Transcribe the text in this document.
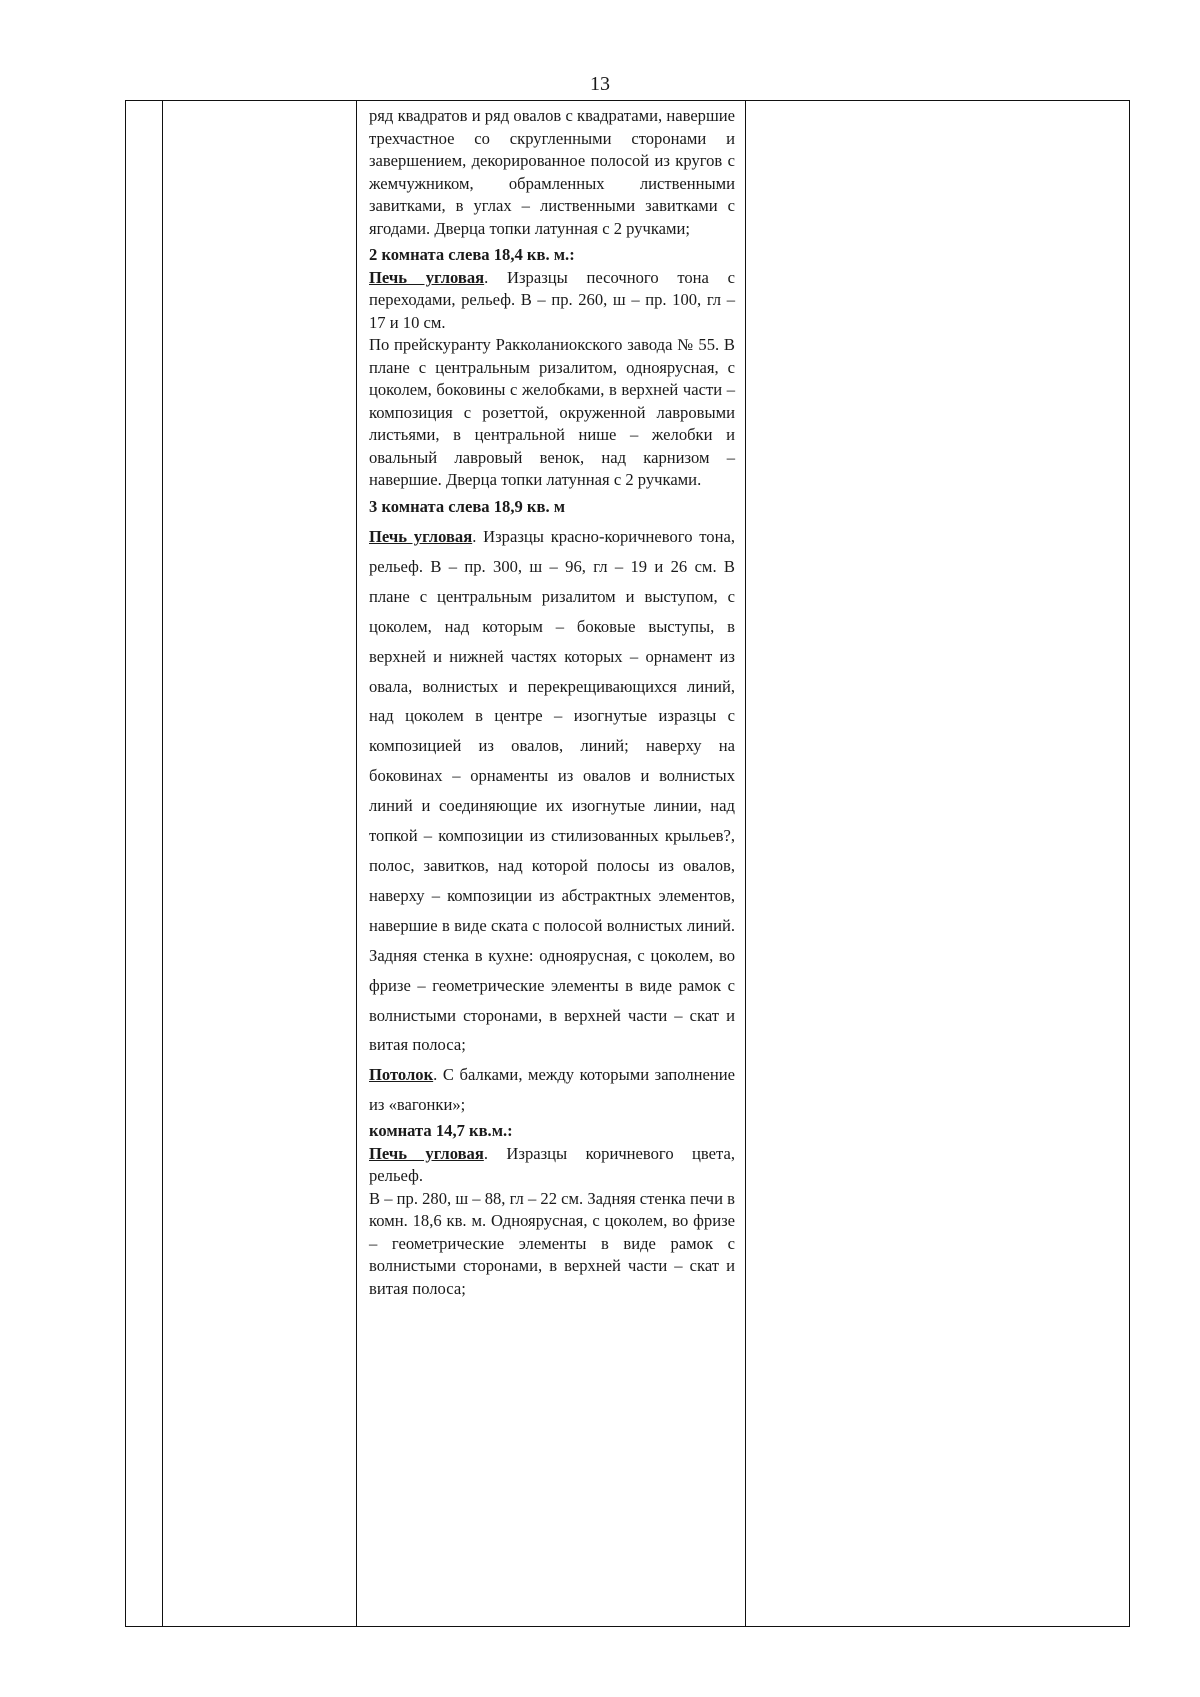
13

ряд квадратов и ряд овалов с квадратами, навершие трехчастное со скругленными сторонами и завершением, декорированное полосой из кругов с жемчужником, обрамленных лиственными завитками, в углах – лиственными завитками с ягодами. Дверца топки латунная с 2 ручками;

2 комната слева 18,4 кв. м.:

Печь угловая. Изразцы песочного тона с переходами, рельеф. В – пр. 260, ш – пр. 100, гл – 17 и 10 см.

По прейскуранту Ракколаниокского завода № 55. В плане с центральным ризалитом, одноярусная, с цоколем, боковины с желобками, в верхней части – композиция с розеттой, окруженной лавровыми листьями, в центральной нише – желобки и овальный лавровый венок, над карнизом – навершие. Дверца топки латунная с 2 ручками.

3 комната слева 18,9 кв. м

Печь угловая. Изразцы красно-коричневого тона, рельеф. В – пр. 300, ш – 96, гл – 19 и 26 см. В плане с центральным ризалитом и выступом, с цоколем, над которым – боковые выступы, в верхней и нижней частях которых – орнамент из овала, волнистых и перекрещивающихся линий, над цоколем в центре – изогнутые изразцы с композицией из овалов, линий; наверху на боковинах – орнаменты из овалов и волнистых линий и соединяющие их изогнутые линии, над топкой – композиции из стилизованных крыльев?, полос, завитков, над которой полосы из овалов, наверху – композиции из абстрактных элементов, навершие в виде ската с полосой волнистых линий. Задняя стенка в кухне: одноярусная, с цоколем, во фризе – геометрические элементы в виде рамок с волнистыми сторонами, в верхней части – скат и витая полоса;

Потолок. С балками, между которыми заполнение из «вагонки»;

комната 14,7 кв.м.:

Печь угловая. Изразцы коричневого цвета, рельеф.

В – пр. 280, ш – 88, гл – 22 см. Задняя стенка печи в комн. 18,6 кв. м. Одноярусная, с цоколем, во фризе – геометрические элементы в виде рамок с волнистыми сторонами, в верхней части – скат и витая полоса;
